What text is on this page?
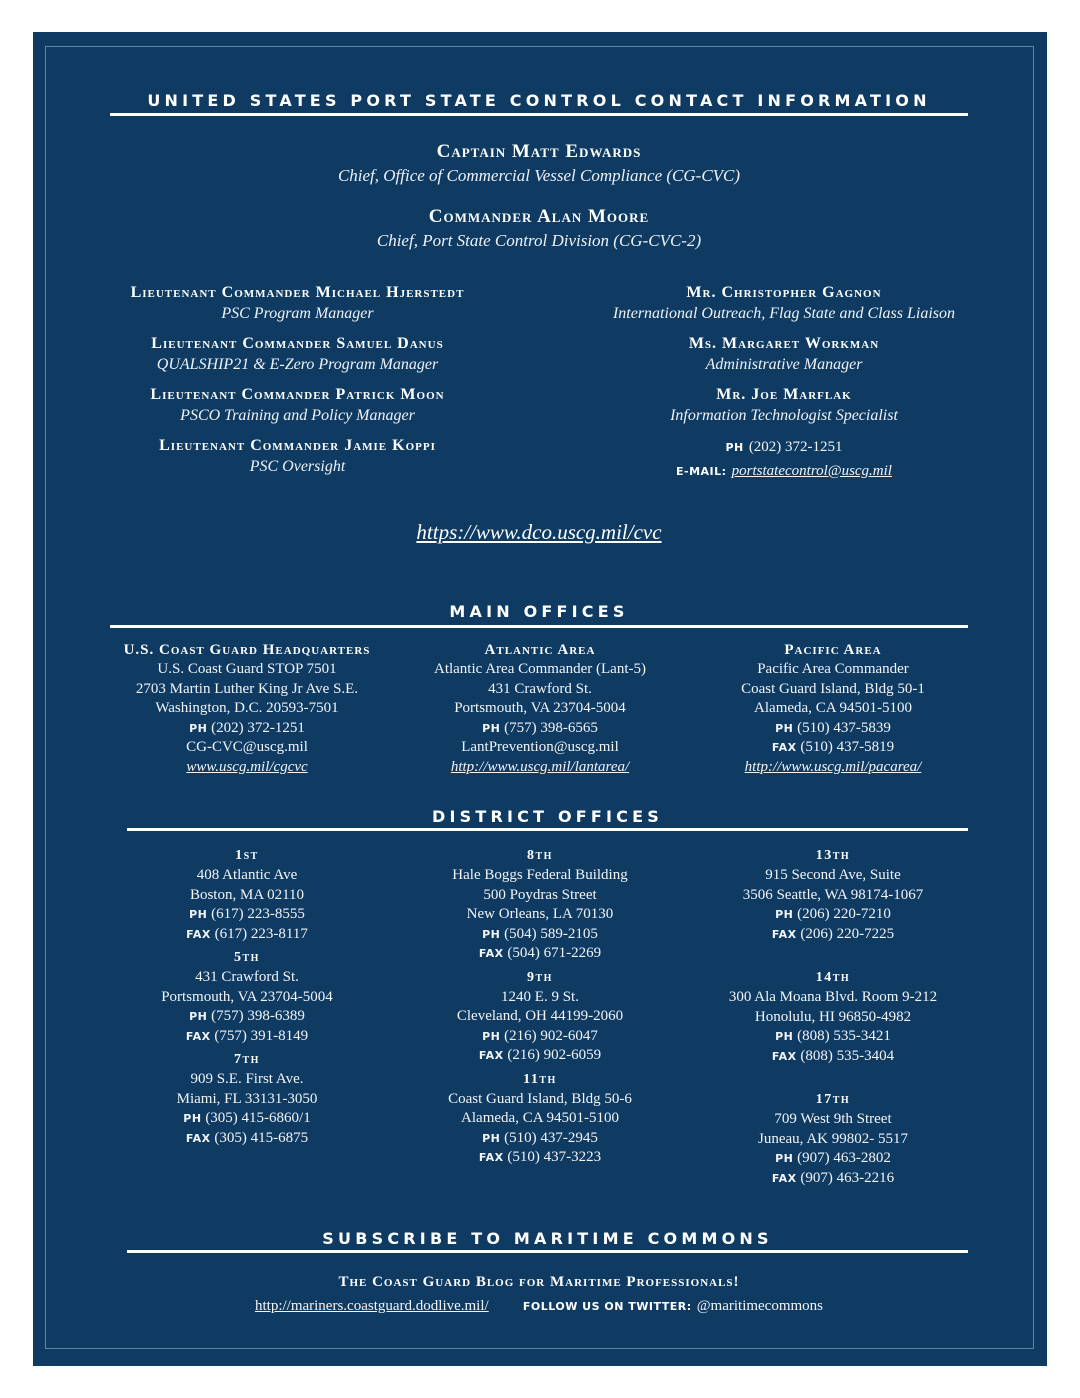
UNITED STATES PORT STATE CONTROL CONTACT INFORMATION
Captain Matt Edwards
Chief, Office of Commercial Vessel Compliance (CG-CVC)
Commander Alan Moore
Chief, Port State Control Division (CG-CVC-2)
Lieutenant Commander Michael Hjerstedt
PSC Program Manager
Lieutenant Commander Samuel Danus
QUALSHIP21 & E-Zero Program Manager
Lieutenant Commander Patrick Moon
PSCO Training and Policy Manager
Lieutenant Commander Jamie Koppi
PSC Oversight
Mr. Christopher Gagnon
International Outreach, Flag State and Class Liaison
Ms. Margaret Workman
Administrative Manager
Mr. Joe Marflak
Information Technologist Specialist
PH (202) 372-1251
E-MAIL: portstatecontrol@uscg.mil
https://www.dco.uscg.mil/cvc
MAIN OFFICES
U.S. Coast Guard Headquarters
U.S. Coast Guard STOP 7501
2703 Martin Luther King Jr Ave S.E.
Washington, D.C. 20593-7501
PH (202) 372-1251
CG-CVC@uscg.mil
www.uscg.mil/cgcvc
Atlantic Area
Atlantic Area Commander (Lant-5)
431 Crawford St.
Portsmouth, VA 23704-5004
PH (757) 398-6565
LantPrevention@uscg.mil
http://www.uscg.mil/lantarea/
Pacific Area
Pacific Area Commander
Coast Guard Island, Bldg 50-1
Alameda, CA 94501-5100
PH (510) 437-5839
FAX (510) 437-5819
http://www.uscg.mil/pacarea/
DISTRICT OFFICES
1st
408 Atlantic Ave
Boston, MA 02110
PH (617) 223-8555
FAX (617) 223-8117
5th
431 Crawford St.
Portsmouth, VA 23704-5004
PH (757) 398-6389
FAX (757) 391-8149
7th
909 S.E. First Ave.
Miami, FL 33131-3050
PH (305) 415-6860/1
FAX (305) 415-6875
8th
Hale Boggs Federal Building
500 Poydras Street
New Orleans, LA 70130
PH (504) 589-2105
FAX (504) 671-2269
9th
1240 E. 9 St.
Cleveland, OH 44199-2060
PH (216) 902-6047
FAX (216) 902-6059
11th
Coast Guard Island, Bldg 50-6
Alameda, CA 94501-5100
PH (510) 437-2945
FAX (510) 437-3223
13th
915 Second Ave, Suite
3506 Seattle, WA 98174-1067
PH (206) 220-7210
FAX (206) 220-7225
14th
300 Ala Moana Blvd. Room 9-212
Honolulu, HI 96850-4982
PH (808) 535-3421
FAX (808) 535-3404
17th
709 West 9th Street
Juneau, AK 99802- 5517
PH (907) 463-2802
FAX (907) 463-2216
SUBSCRIBE TO MARITIME COMMONS
The Coast Guard Blog for Maritime Professionals!
http://mariners.coastguard.dodlive.mil/	FOLLOW US ON TWITTER: @maritimecommons
